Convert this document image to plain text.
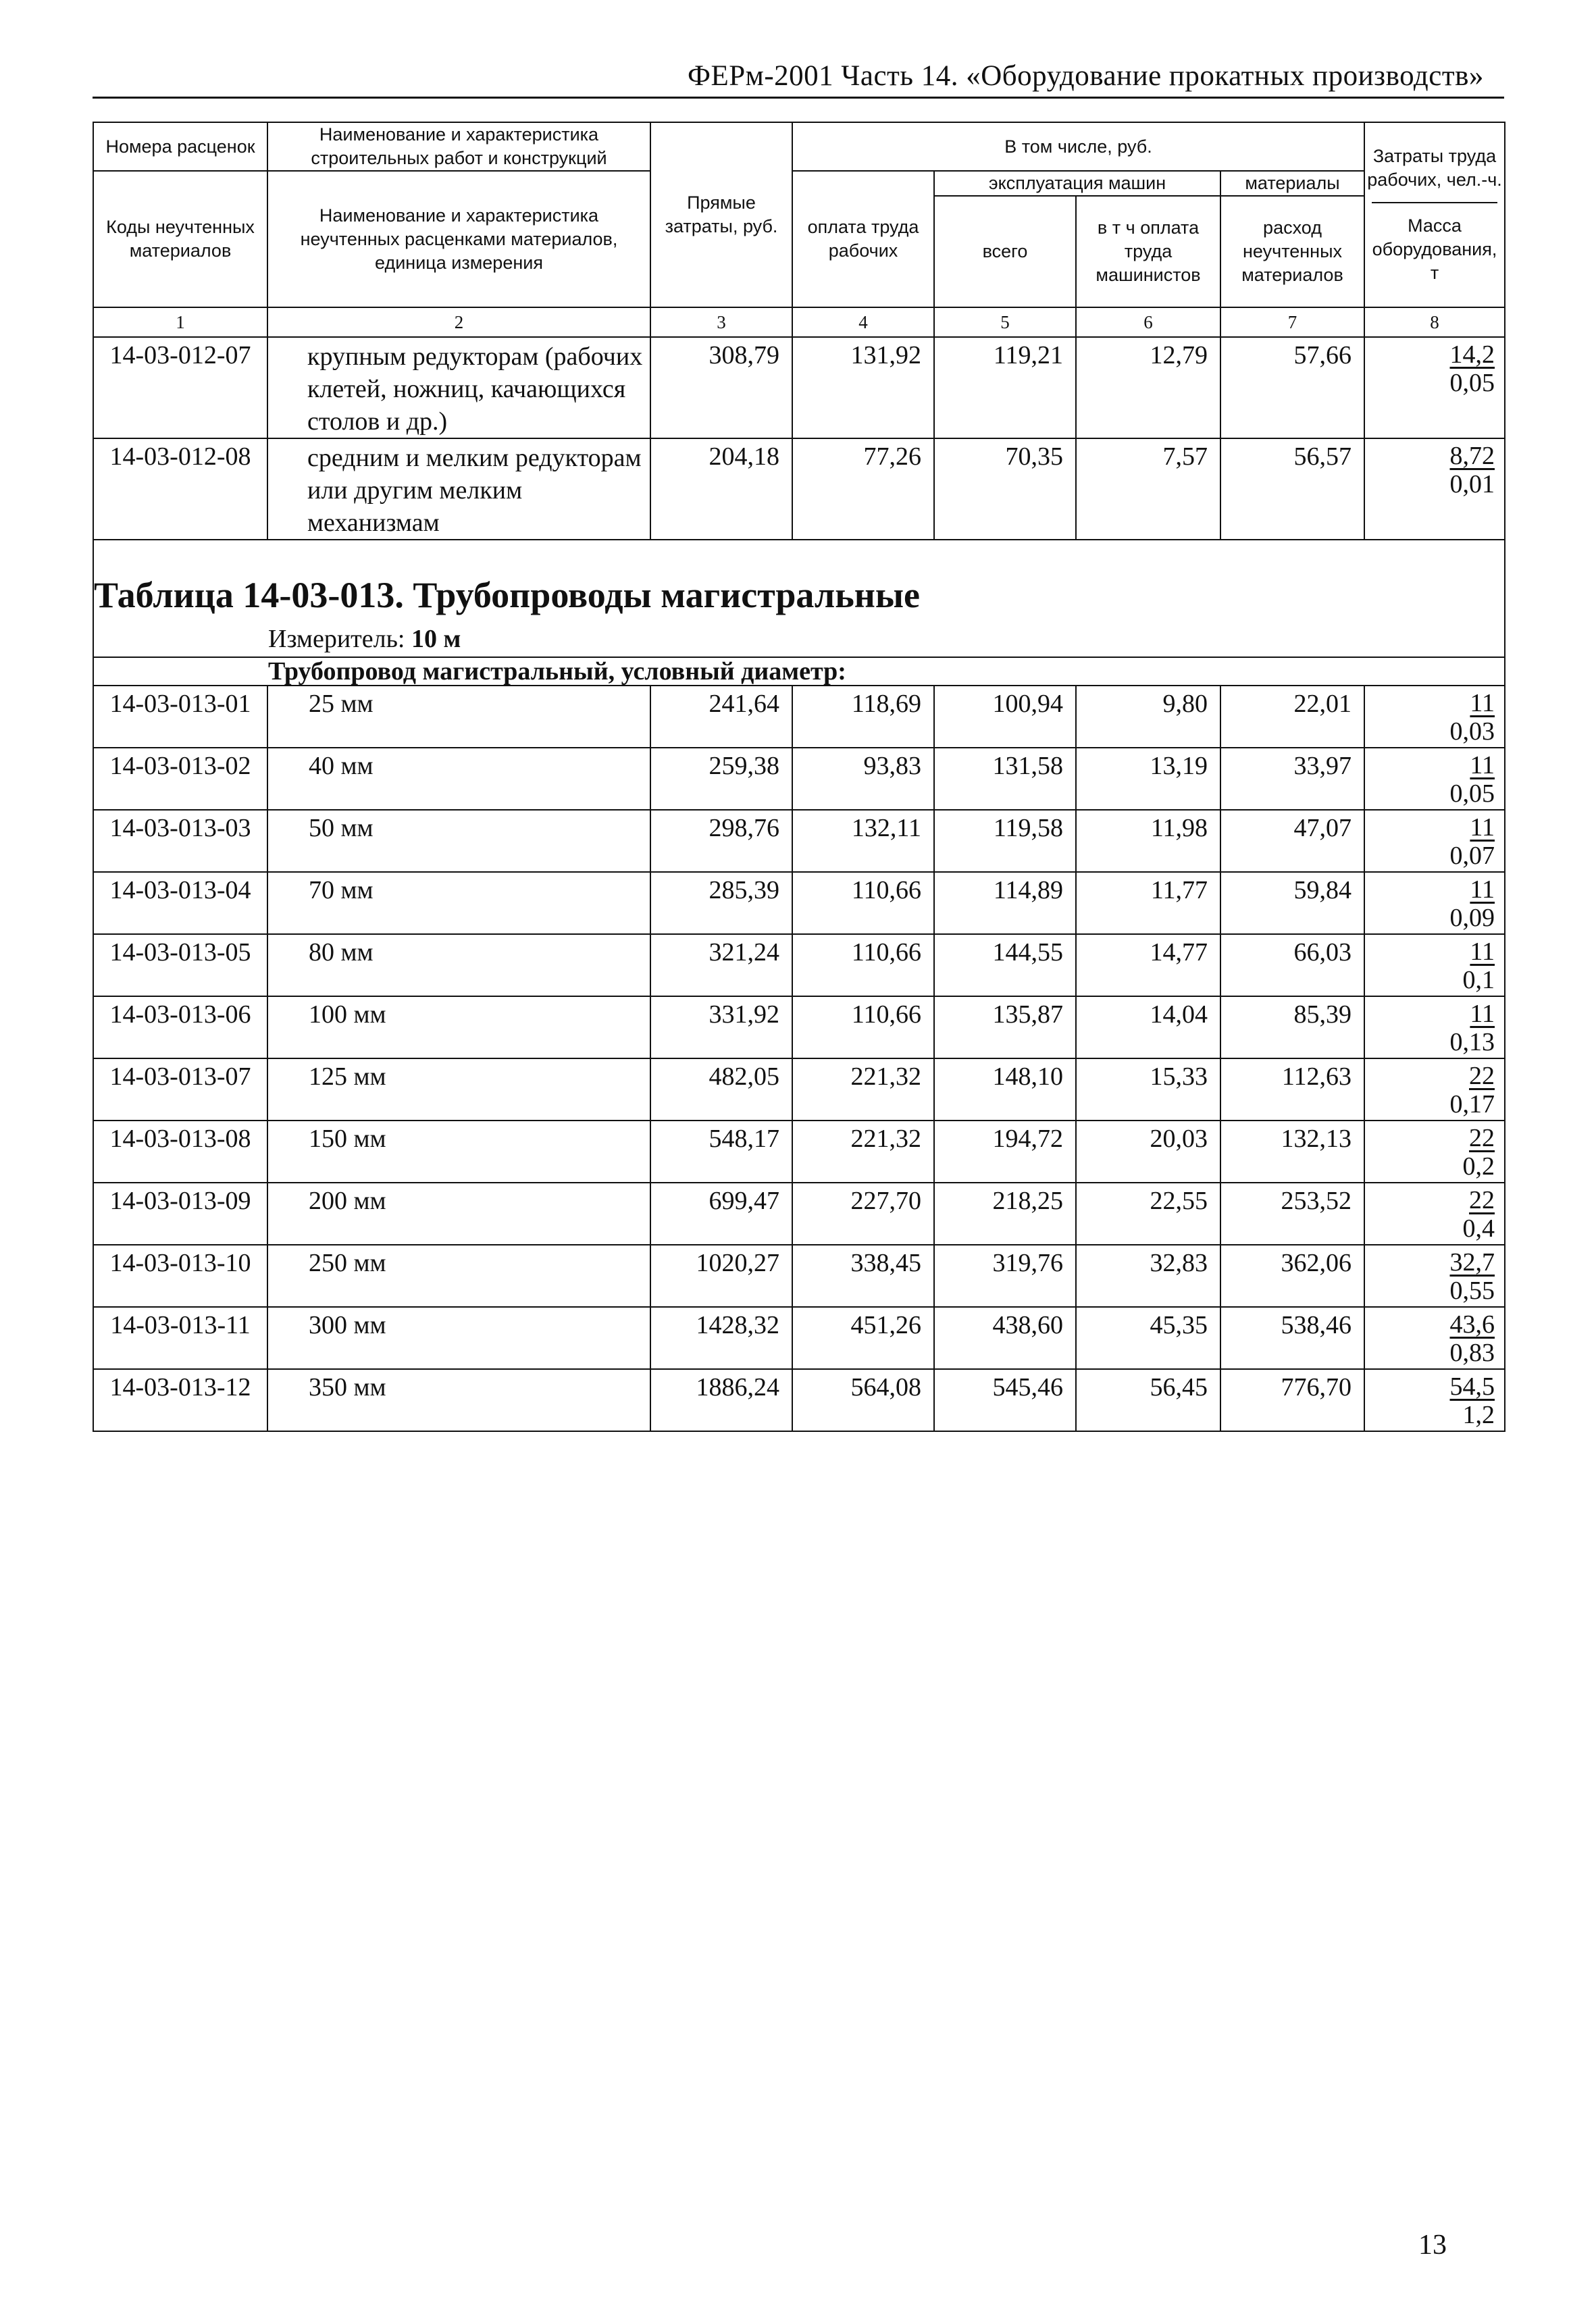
ФЕРм-2001 Часть 14. «Оборудование прокатных производств»
Номера расценок	Наименование и характеристика строительных работ и конструкций	Прямые затраты, руб.	В том числе, руб.				Затраты труда рабочих, чел.-ч.
Масса оборудования, т

Коды неучтенных материалов	Наименование и характеристика неучтенных расценками материалов, единица измерения		оплата труда рабочих	эксплуатация машин		материалы	
				всего	в т ч оплата труда машинистов	расход неучтенных материалов	

1	2	3	4	5	6	7	8
14-03-012-07	крупным редукторам (рабочих клетей, ножниц, качающихся столов и др.)	308,79	131,92	119,21	12,79	57,66	14,2
0,05
14-03-012-08	средним и мелким редукторам или другим мелким механизмам	204,18	77,26	70,35	7,57	56,57	8,72
0,01

Таблица 14-03-013. Трубопроводы магистральные
Измеритель: 10 м							

Трубопровод магистральный, условный диаметр:							
14-03-013-01	25 мм	241,64	118,69	100,94	9,80	22,01	11
0,03
14-03-013-02	40 мм	259,38	93,83	131,58	13,19	33,97	11
0,05
14-03-013-03	50 мм	298,76	132,11	119,58	11,98	47,07	11
0,07
14-03-013-04	70 мм	285,39	110,66	114,89	11,77	59,84	11
0,09
14-03-013-05	80 мм	321,24	110,66	144,55	14,77	66,03	11
0,1
14-03-013-06	100 мм	331,92	110,66	135,87	14,04	85,39	11
0,13
14-03-013-07	125 мм	482,05	221,32	148,10	15,33	112,63	22
0,17
14-03-013-08	150 мм	548,17	221,32	194,72	20,03	132,13	22
0,2
14-03-013-09	200 мм	699,47	227,70	218,25	22,55	253,52	22
0,4
14-03-013-10	250 мм	1020,27	338,45	319,76	32,83	362,06	32,7
0,55
14-03-013-11	300 мм	1428,32	451,26	438,60	45,35	538,46	43,6
0,83
14-03-013-12	350 мм	1886,24	564,08	545,46	56,45	776,70	54,5
1,2
13
